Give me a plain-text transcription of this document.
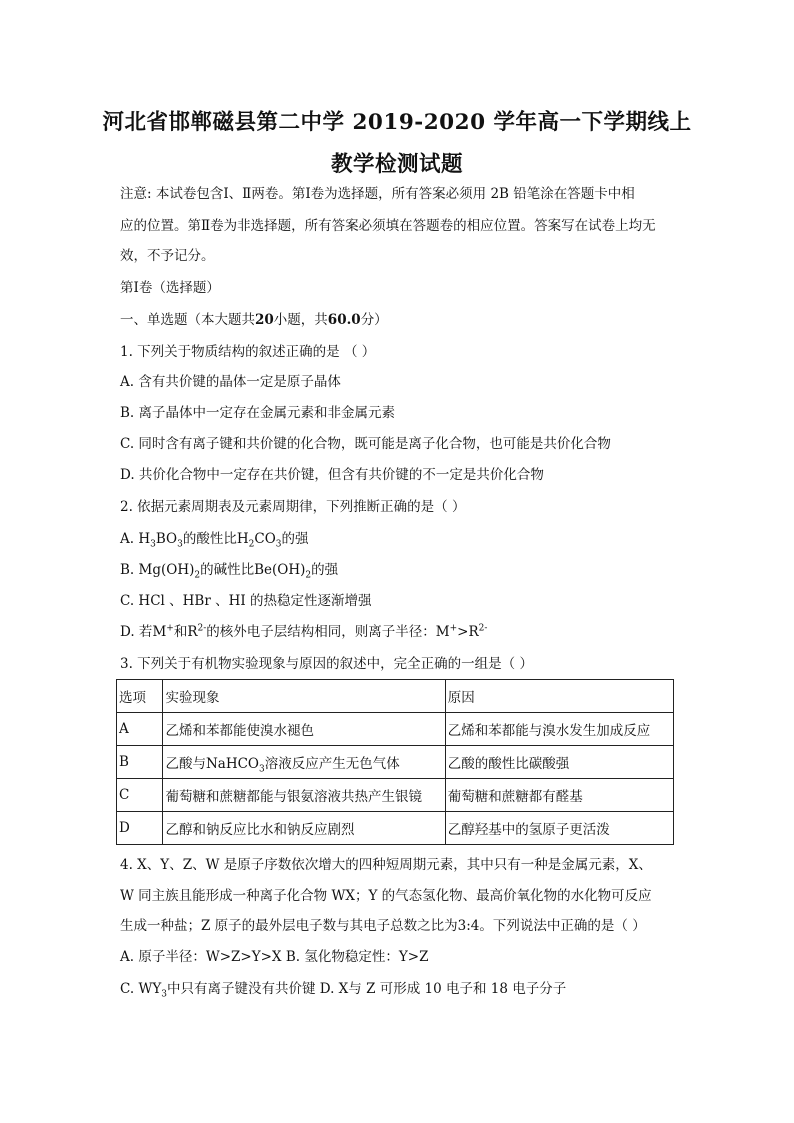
河北省邯郸磁县第二中学 2019-2020 学年高一下学期线上
教学检测试题
注意: 本试卷包含Ⅰ、Ⅱ两卷。第Ⅰ卷为选择题，所有答案必须用 2B 铅笔涂在答题卡中相
应的位置。第Ⅱ卷为非选择题，所有答案必须填在答题卷的相应位置。答案写在试卷上均无
效，不予记分。
第Ⅰ卷（选择题）
一、单选题（本大题共20小题，共60.0分）
1. 下列关于物质结构的叙述正确的是 （ ）
A. 含有共价键的晶体一定是原子晶体
B. 离子晶体中一定存在金属元素和非金属元素
C. 同时含有离子键和共价键的化合物，既可能是离子化合物，也可能是共价化合物
D. 共价化合物中一定存在共价键，但含有共价键的不一定是共价化合物
2. 依据元素周期表及元素周期律，下列推断正确的是（ ）
A. $H_3BO_3$的酸性比$H_2CO_3$的强
B. $Mg(OH)_2$的碱性比$Be(OH)_2$的强
C. HCl 、HBr 、HI 的热稳定性逐渐增强
D. 若M+和$R^{2-}$的核外电子层结构相同，则离子半径：$M^+>R^{2-}$
3. 下列关于有机物实验现象与原因的叙述中，完全正确的一组是（ ）
选项	实验现象	原因
A	乙烯和苯都能使溴水褪色	乙烯和苯都能与溴水发生加成反应
B	乙酸与NaHCO$_3$溶液反应产生无色气体	乙酸的酸性比碳酸强
C	葡萄糖和蔗糖都能与银氨溶液共热产生银镜	葡萄糖和蔗糖都有醛基
D	乙醇和钠反应比水和钠反应剧烈	乙醇羟基中的氢原子更活泼
4. X、Y、Z、W 是原子序数依次增大的四种短周期元素，其中只有一种是金属元素，X、
W 同主族且能形成一种离子化合物 WX；Y 的气态氢化物、最高价氧化物的水化物可反应
生成一种盐；Z 原子的最外层电子数与其电子总数之比为3:4。下列说法中正确的是（ ）
A. 原子半径：W>Z>Y>X B. 氢化物稳定性：Y>Z
C. $WY_3$中只有离子键没有共价键 D. X与 Z 可形成 10 电子和 18 电子分子
